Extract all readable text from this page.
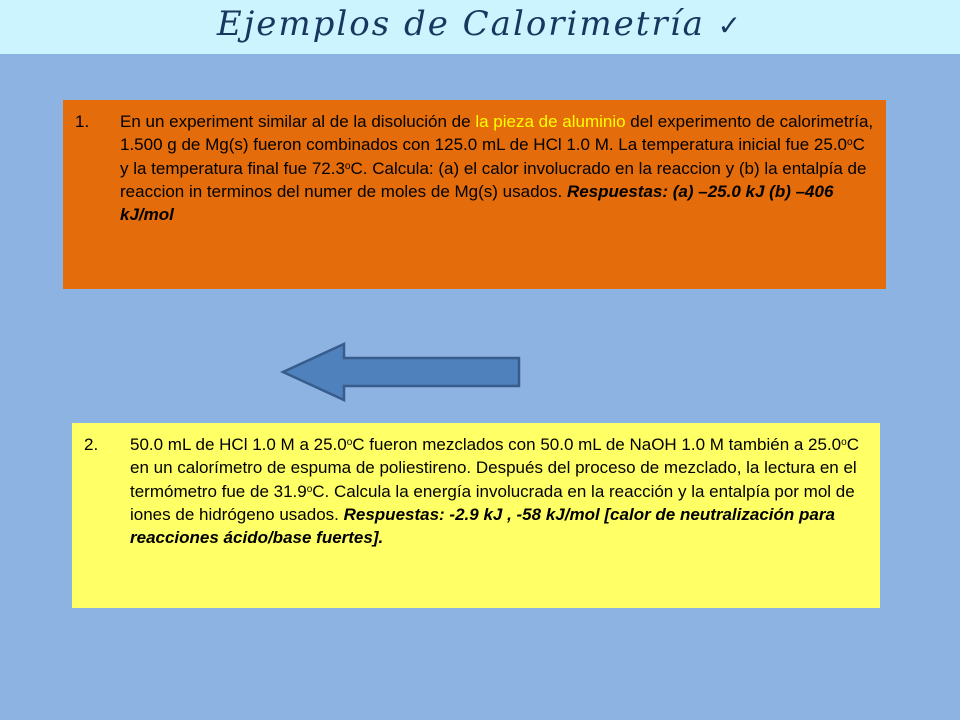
Ejemplos de Calorimetría ✓
1.	En un experiment similar al de la disolución de la pieza de aluminio del experimento de calorimetría, 1.500 g de Mg(s) fueron combinados con 125.0 mL de HCl 1.0 M. La temperatura inicial fue 25.0$^o$C y la temperatura final fue 72.3$^o$C. Calcula: (a) el calor involucrado en la reaccion y (b) la entalpía de reaccion in terminos del numer de moles de Mg(s) usados. Respuestas: (a) –25.0 kJ (b) –406 kJ/mol
2.	50.0 mL de HCl 1.0 M a 25.0$^o$C fueron mezclados con 50.0 mL de NaOH 1.0 M también a 25.0$^o$C en un calorímetro de espuma de poliestireno. Después del proceso de mezclado, la lectura en el termómetro fue de 31.9$^o$C. Calcula la energía involucrada en la reacción y la entalpía por mol de iones de hidrógeno usados. Respuestas: -2.9 kJ , -58 kJ/mol [calor de neutralización para reacciones ácido/base fuertes].
